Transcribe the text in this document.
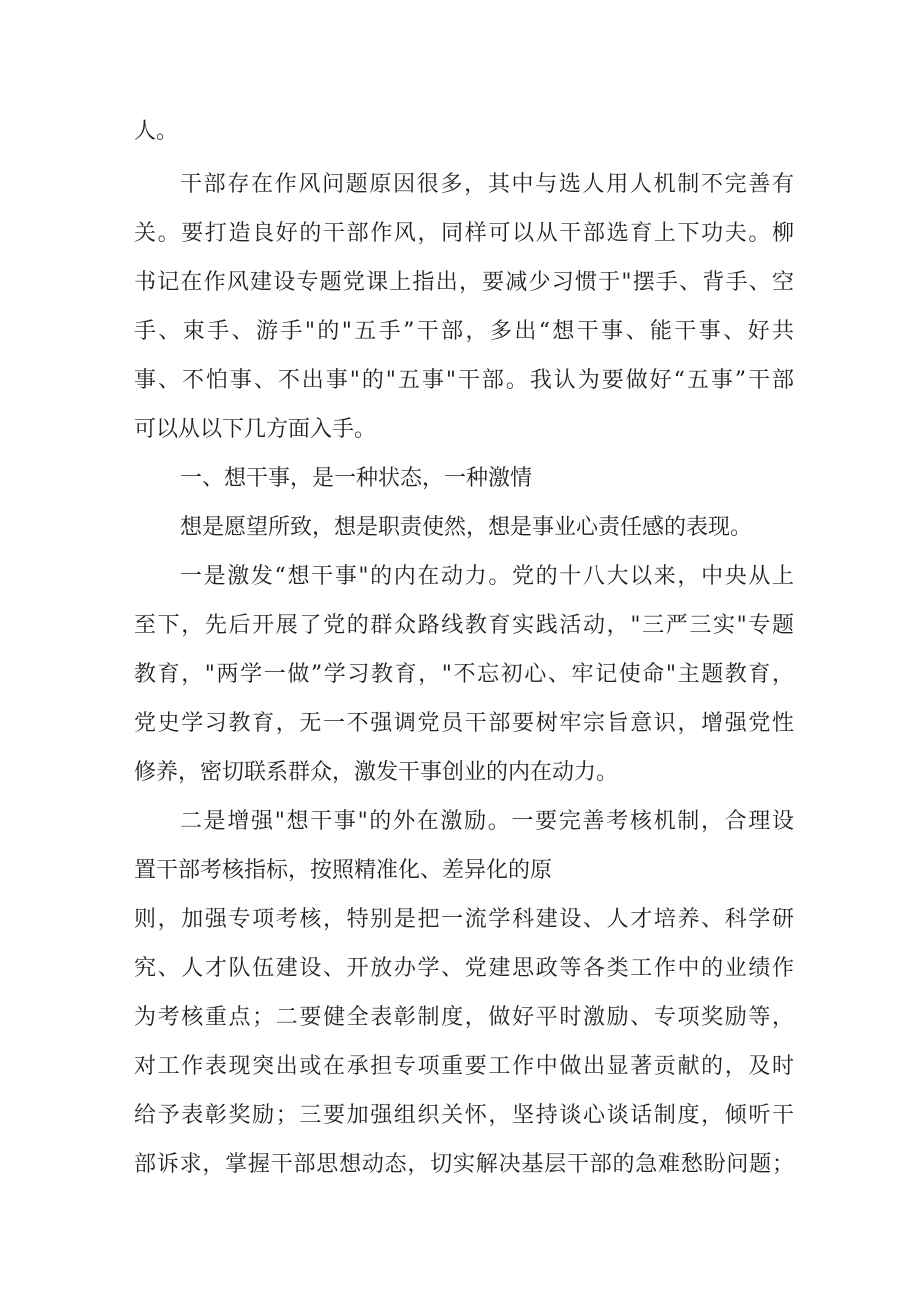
人。
干部存在作风问题原因很多，其中与选人用人机制不完善有
关。要打造良好的干部作风，同样可以从干部选育上下功夫。柳
书记在作风建设专题党课上指出，要减少习惯于"摆手、背手、空
手、束手、游手"的"五手”干部，多出“想干事、能干事、好共
事、不怕事、不出事"的"五事"干部。我认为要做好“五事”干部
可以从以下几方面入手。
一、想干事，是一种状态，一种激情
想是愿望所致，想是职责使然，想是事业心责任感的表现。
一是激发“想干事"的内在动力。党的十八大以来，中央从上
至下，先后开展了党的群众路线教育实践活动，"三严三实"专题
教育，"两学一做”学习教育，"不忘初心、牢记使命"主题教育，
党史学习教育，无一不强调党员干部要树牢宗旨意识，增强党性
修养，密切联系群众，激发干事创业的内在动力。
二是增强"想干事"的外在激励。一要完善考核机制，合理设
置干部考核指标，按照精准化、差异化的原
则，加强专项考核，特别是把一流学科建设、人才培养、科学研
究、人才队伍建设、开放办学、党建思政等各类工作中的业绩作
为考核重点；二要健全表彰制度，做好平时激励、专项奖励等，
对工作表现突出或在承担专项重要工作中做出显著贡献的，及时
给予表彰奖励；三要加强组织关怀，坚持谈心谈话制度，倾听干
部诉求，掌握干部思想动态，切实解决基层干部的急难愁盼问题；
